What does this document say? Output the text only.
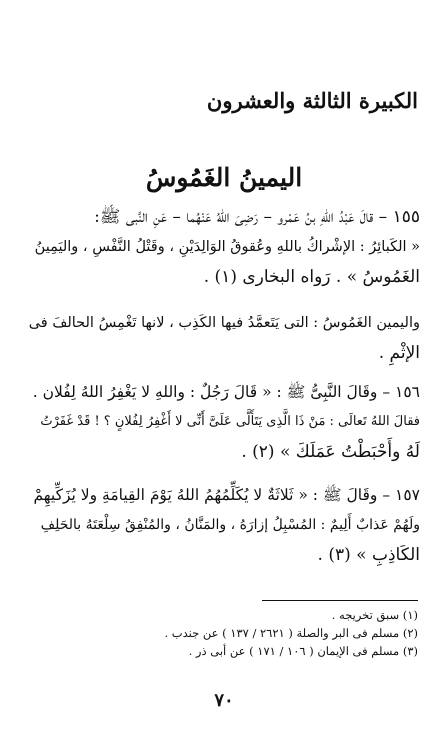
الكبيرة الثالثة والعشرون
اليمينُ الغَمُوسُ
١٥٥ – قالَ عَبْدُ اللهِ بنُ عَمْرو – رَضِىَ اللهُ عَنْهُما – عَنِ النَّبى ﷺ:
« الكَبائِرُ : الإشْراكُ باللهِ وعُقوقُ الوَالِدَيْنِ ، وقَتْلُ النَّفْسِ ، واليَمِينُ
الغَمُوسُ » . رَواه البخارى (١) .
واليمين الغَمُوسُ : التى يَتَعمَّدُ فيها الكَذِب ، لانها تَغْمِسُ الحالفَ فى
الإثْمِ .
١٥٦ – وقَالَ النَّبِىُّ ﷺ : « قَالَ رَجُلٌ : واللهِ لا يَغْفِرُ اللهُ لِفُلان .
فقالَ اللهُ تَعالَى : مَنْ ذَا الَّذِى يَتَأَلَّى عَلَىَّ أَنِّى لا أَغْفِرُ لِفُلانٍ ؟ ! قَدْ غَفَرْتُ
لَهُ وأَحْبَطْتُ عَمَلَكَ » (٢) .
١٥٧ – وقَالَ ﷺ : « ثَلاثَةٌ لا يُكَلِّمُهُمُ اللهُ يَوْمَ القِيامَةِ ولا يُزَكِّيهِمْ
ولَهُمْ عَذابٌ أَلِيمٌ : المُسْبِلُ إزارَهُ ، والمَنَّانُ ، والمُنْفِقُ سِلْعَتَهُ بالحَلِفِ
الكَاذِبِ » (٣) .
(١) سبق تخريجه .
(٢) مسلم فى البر والصلة ( ٢٦٢١ / ١٣٧ ) عن جندب .
(٣) مسلم فى الإيمان ( ١٠٦ / ١٧١ ) عن أبى ذر .
٧٠
